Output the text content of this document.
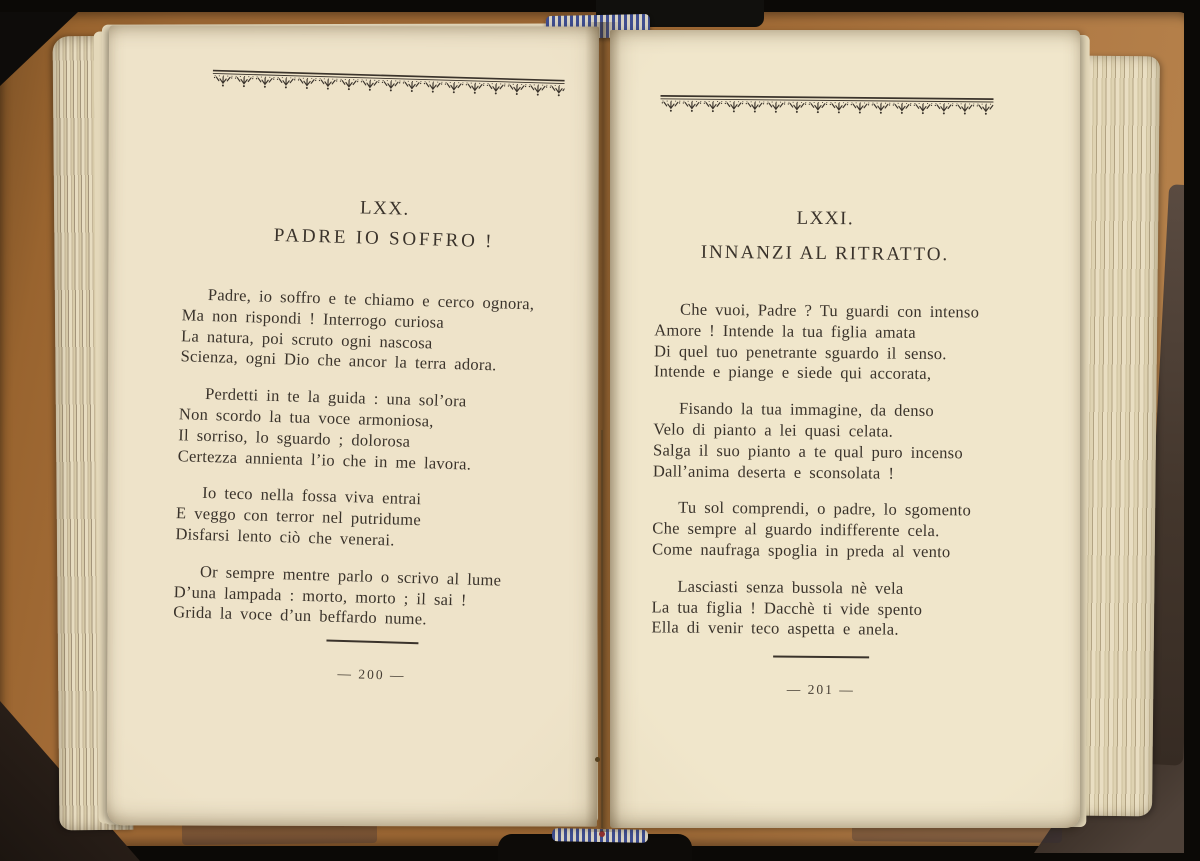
LXX.
PADRE IO SOFFRO !
Padre, io soffro e te chiamo e cerco ognora,
Ma non rispondi ! Interrogo curiosa
La natura, poi scruto ogni nascosa
Scienza, ogni Dio che ancor la terra adora.
Perdetti in te la guida : una sol’ora
Non scordo la tua voce armoniosa,
Il sorriso, lo sguardo ; dolorosa
Certezza annienta l’io che in me lavora.
Io teco nella fossa viva entrai
E veggo con terror nel putridume
Disfarsi lento ciò che venerai.
Or sempre mentre parlo o scrivo al lume
D’una lampada : morto, morto ; il sai !
Grida la voce d’un beffardo nume.
— 200 —
LXXI.
INNANZI AL RITRATTO.
Che vuoi, Padre ? Tu guardi con intenso
Amore ! Intende la tua figlia amata
Di quel tuo penetrante sguardo il senso.
Intende e piange e siede qui accorata,
Fisando la tua immagine, da denso
Velo di pianto a lei quasi celata.
Salga il suo pianto a te qual puro incenso
Dall’anima deserta e sconsolata !
Tu sol comprendi, o padre, lo sgomento
Che sempre al guardo indifferente cela.
Come naufraga spoglia in preda al vento
Lasciasti senza bussola nè vela
La tua figlia ! Dacchè ti vide spento
Ella di venir teco aspetta e anela.
— 201 —
